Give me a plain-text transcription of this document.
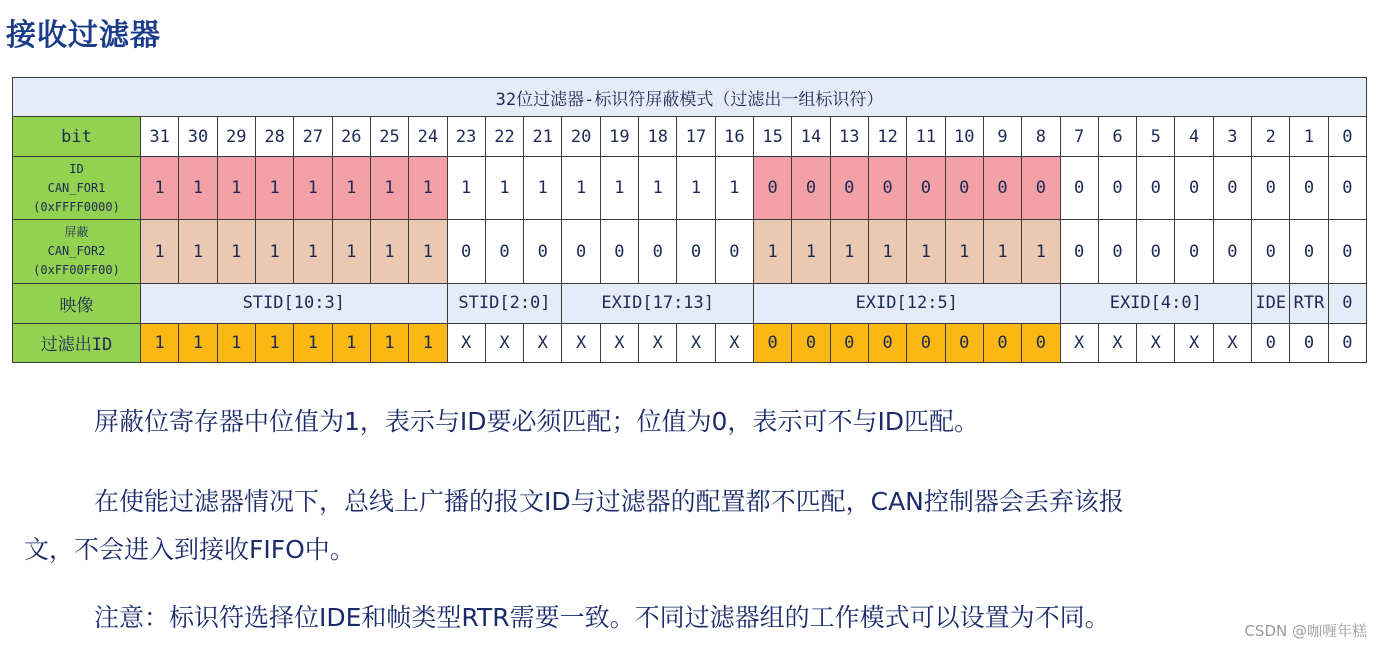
接收过滤器
32位过滤器-标识符屏蔽模式（过滤出一组标识符）																																
bit	31	30	29	28	27	26	25	24	23	22	21	20	19	18	17	16	15	14	13	12	11	10	9	8	7	6	5	4	3	2	1	0
ID
CAN_FOR1
(0xFFFF0000)	1	1	1	1	1	1	1	1	1	1	1	1	1	1	1	1	0	0	0	0	0	0	0	0	0	0	0	0	0	0	0	0
屏蔽
CAN_FOR2
(0xFF00FF00)	1	1	1	1	1	1	1	1	0	0	0	0	0	0	0	0	1	1	1	1	1	1	1	1	0	0	0	0	0	0	0	0
映像	STID[10:3]								STID[2:0]			EXID[17:13]					EXID[12:5]								EXID[4:0]					IDE	RTR	0
过滤出ID	1	1	1	1	1	1	1	1	X	X	X	X	X	X	X	X	0	0	0	0	0	0	0	0	X	X	X	X	X	0	0	0

屏蔽位寄存器中位值为1，表示与ID要必须匹配；位值为0，表示可不与ID匹配。

在使能过滤器情况下，总线上广播的报文ID与过滤器的配置都不匹配，CAN控制器会丢弃该报

文，不会进入到接收FIFO中。

注意：标识符选择位IDE和帧类型RTR需要一致。不同过滤器组的工作模式可以设置为不同。	CSDN @咖喱年糕
